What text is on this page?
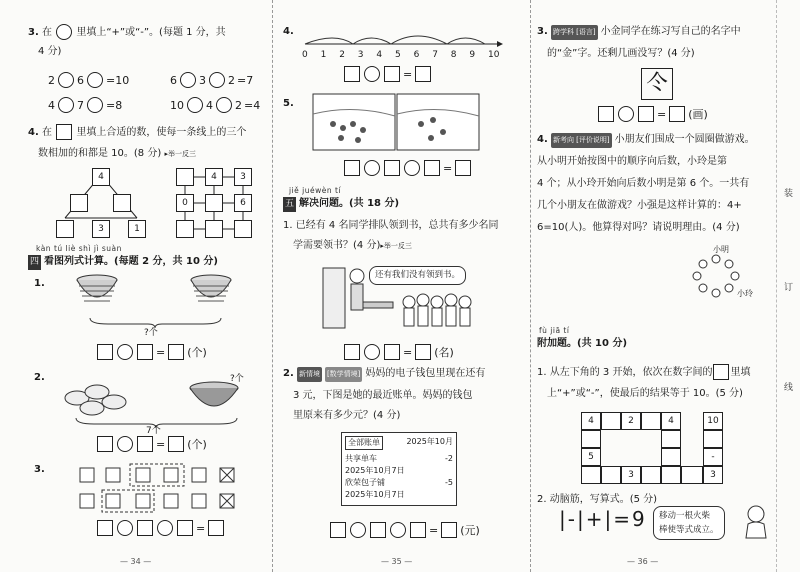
3. 在 里填上“+”或“-”。(每题 1 分，共
4 分)
2 6 =10	6 3 2 =7
4 7 =8	10 4 2 =4
4. 在 里填上合适的数，使每一条线上的三个
数相加的和都是 10。(8 分) ▸举一反三
4
3	1
4	3
0	6
kàn tú liè shì jì suàn
四 看图列式计算。(每题 2 分，共 10 分)
1.
?个
= (个)
2.
7个
?个
= (个)
3.
=
— 34 —
4.
0 1 2 3 4 5 6 7 8 9 10
=
5.
=
jiě juéwèn tí
五 解决问题。(共 18 分)
1. 已经有 4 名同学排队领到书，总共有多少名同
学需要领书？(4 分)▸举一反三
还有我们没有领到书。
= (名)
2. 新情境 [数学情境] 妈妈的电子钱包里现在还有
3 元，下图是她的最近账单。妈妈的钱包
里原来有多少元？(4 分)
全部账单	2025年10月
共享单车	-2
2025年10月7日
欣荣包子铺	-5
2025年10月7日
= (元)
— 35 —
3. 跨学科 [语言] 小金同学在练习写自己的名字中
的“金”字。还剩几画没写？(4 分)
仒
= (画)
4. 新考向 [评价说明] 小朋友们围成一个圆圈做游戏。
从小明开始按图中的顺序向后数，小玲是第
4 个；从小玲开始向后数小明是第 6 个。一共有
几个小朋友在做游戏？小强是这样计算的：4+
6=10(人)。他算得对吗？请说明理由。(4 分)
小明
小玲
fù jiā tí
附加题。(共 10 分)
1. 从左下角的 3 开始，依次在数字间的 里填
上“+”或“-”，使最后的结果等于 10。(5 分)
4	2	4	10
-
5
3	3
2. 动脑筋，写算式。(5 分)
|-|+|=9 移动一根火柴
棒使等式成立。
— 36 —
装
订
线
